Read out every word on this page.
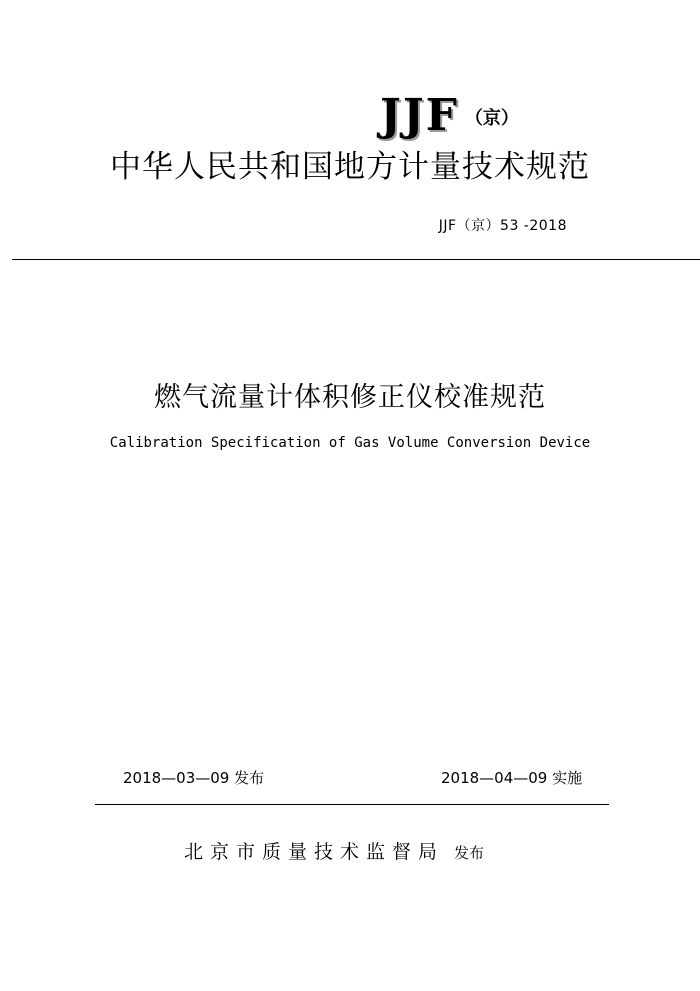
JJF （京）
中华人民共和国地方计量技术规范
JJF（京）53 -2018
燃气流量计体积修正仪校准规范
Calibration Specification of Gas Volume Conversion Device
2018—03—09 发布	2018—04—09 实施
北京市质量技术监督局 发布
